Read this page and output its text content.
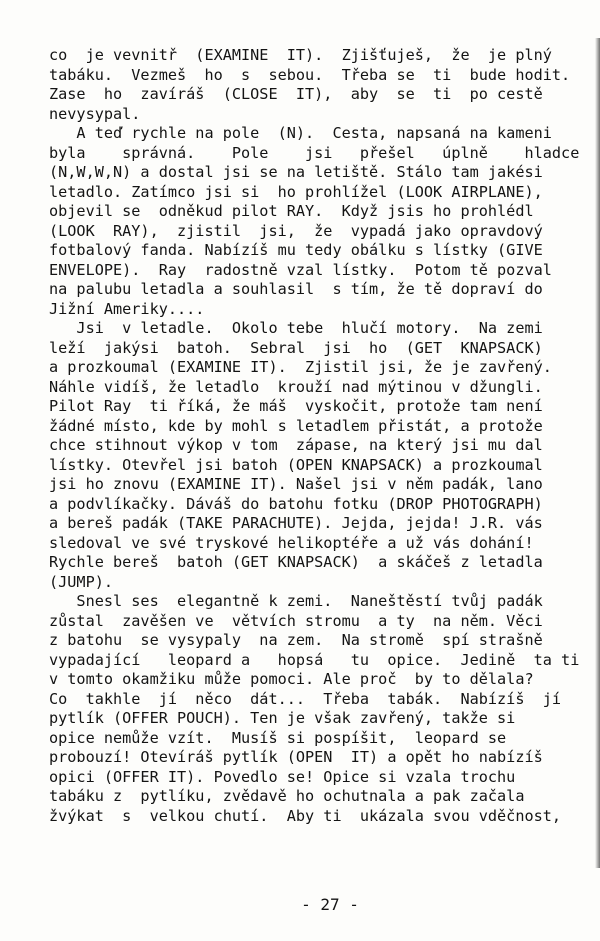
co  je vevnitř  (EXAMINE  IT).  Zjišťuješ,  že  je plný
tabáku.  Vezmeš  ho  s  sebou.  Třeba se  ti  bude hodit.
Zase  ho  zavíráš  (CLOSE  IT),  aby  se  ti  po cestě
nevysypal.
A teď rychle na pole  (N).  Cesta, napsaná na kameni
byla    správná.    Pole    jsi   přešel   úplně    hladce
(N,W,W,N) a dostal jsi se na letiště. Stálo tam jakési
letadlo. Zatímco jsi si  ho prohlížel (LOOK AIRPLANE),
objevil se  odněkud pilot RAY.  Když jsis ho prohlédl
(LOOK  RAY),  zjistil  jsi,  že  vypadá jako opravdový
fotbalový fanda. Nabízíš mu tedy obálku s lístky (GIVE
ENVELOPE).  Ray  radostně vzal lístky.  Potom tě pozval
na palubu letadla a souhlasil  s tím, že tě dopraví do
Jižní Ameriky....
Jsi  v letadle.  Okolo tebe  hlučí motory.  Na zemi
leží  jakýsi  batoh.  Sebral  jsi  ho  (GET  KNAPSACK)
a prozkoumal (EXAMINE IT).  Zjistil jsi, že je zavřený.
Náhle vidíš, že letadlo  krouží nad mýtinou v džungli.
Pilot Ray  ti říká, že máš  vyskočit, protože tam není
žádné místo, kde by mohl s letadlem přistát, a protože
chce stihnout výkop v tom  zápase, na který jsi mu dal
lístky. Otevřel jsi batoh (OPEN KNAPSACK) a prozkoumal
jsi ho znovu (EXAMINE IT). Našel jsi v něm padák, lano
a podvlíkačky. Dáváš do batohu fotku (DROP PHOTOGRAPH)
a bereš padák (TAKE PARACHUTE). Jejda, jejda! J.R. vás
sledoval ve své tryskové helikoptéře a už vás dohání!
Rychle bereš  batoh (GET KNAPSACK)  a skáčeš z letadla
(JUMP).
Snesl ses  elegantně k zemi.  Naneštěstí tvůj padák
zůstal  zavěšen ve  větvích stromu  a ty  na něm. Věci
z batohu  se vysypaly  na zem.  Na stromě  spí strašně
vypadající   leopard a   hopsá   tu  opice.  Jedině  ta ti
v tomto okamžiku může pomoci. Ale proč  by to dělala?
Co  takhle  jí  něco  dát...  Třeba  tabák.  Nabízíš  jí
pytlík (OFFER POUCH). Ten je však zavřený, takže si
opice nemůže vzít.  Musíš si pospíšit,  leopard se
probouzí! Otevíráš pytlík (OPEN  IT) a opět ho nabízíš
opici (OFFER IT). Povedlo se! Opice si vzala trochu
tabáku z  pytlíku, zvědavě ho ochutnala a pak začala
žvýkat  s  velkou chutí.  Aby ti  ukázala svou vděčnost,
- 27 -
